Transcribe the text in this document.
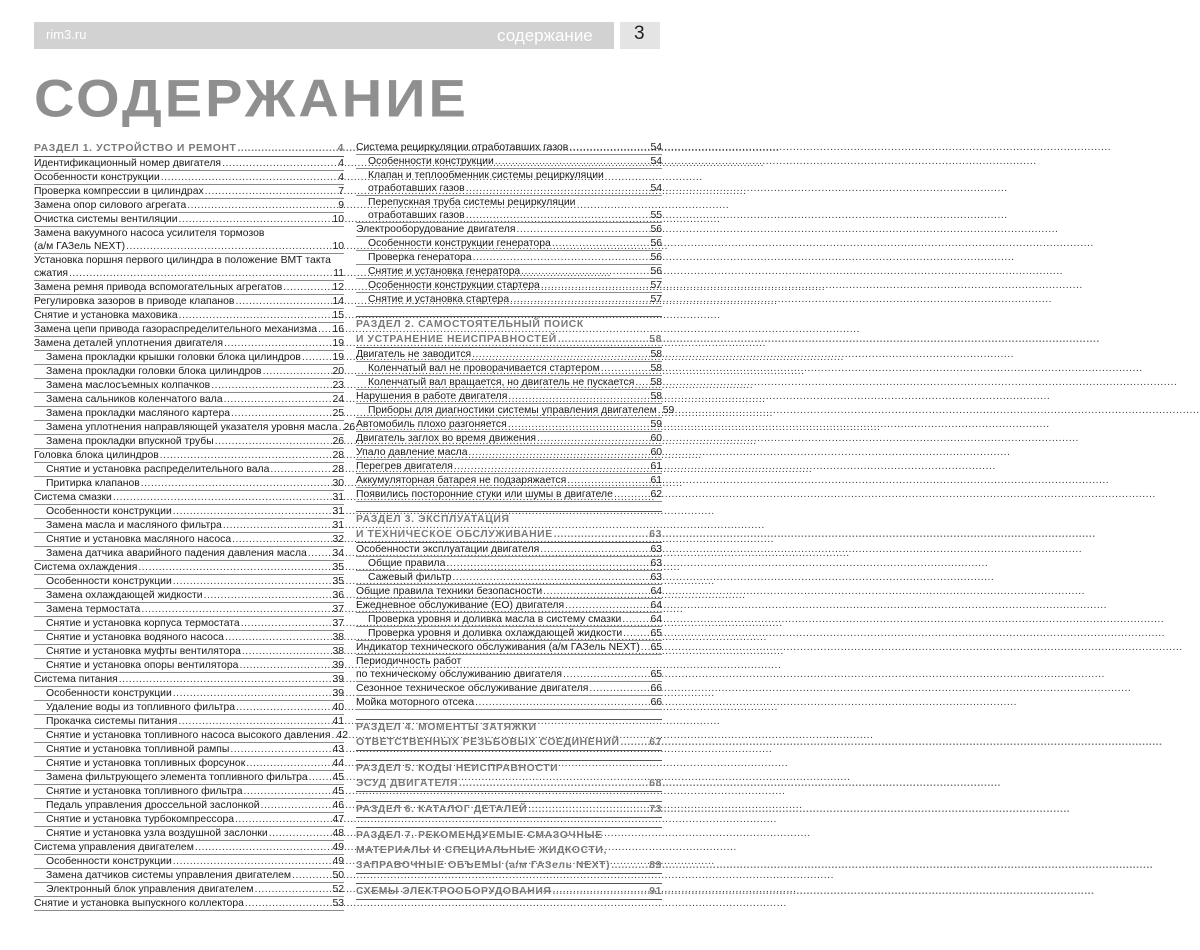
rim3.ru	содержание 3
СОДЕРЖАНИЕ
РАЗДЕЛ 1. УСТРОЙСТВО И РЕМОНТ .....	4
Идентификационный номер двигателя .....	4
Особенности конструкции .....	4
Проверка компрессии в цилиндрах .....	7
Замена опор силового агрегата .....	9
Очистка системы вентиляции .....	10
Замена вакуумного насоса усилителя тормозов
(а/м ГАЗель NEXT) .....	10
Установка поршня первого цилиндра в положение ВМТ такта
сжатия .....	11
Замена ремня привода вспомогательных агрегатов .....	12
Регулировка зазоров в приводе клапанов .....	14
Снятие и установка маховика .....	15
Замена цепи привода газораспределительного механизма ..... 16
Замена деталей уплотнения двигателя .....	19
Замена прокладки крышки головки блока цилиндров .....	19
Замена прокладки головки блока цилиндров .....	20
Замена маслосъемных колпачков .....	23
Замена сальников коленчатого вала .....	24
Замена прокладки масляного картера .....	25
Замена уплотнения направляющей указателя уровня масла ..... 26
Замена прокладки впускной трубы .....	26
Головка блока цилиндров .....	28
Снятие и установка распределительного вала .....	28
Притирка клапанов .....	30
Система смазки .....	31
Особенности конструкции .....	31
Замена масла и масляного фильтра .....	31
Снятие и установка масляного насоса .....	32
Замена датчика аварийного падения давления масла ..... 34
Система охлаждения .....	35
Особенности конструкции .....	35
Замена охлаждающей жидкости .....	36
Замена термостата .....	37
Снятие и установка корпуса термостата .....	37
Снятие и установка водяного насоса .....	38
Снятие и установка муфты вентилятора .....	38
Снятие и установка опоры вентилятора .....	39
Система питания .....	39
Особенности конструкции .....	39
Удаление воды из топливного фильтра .....	40
Прокачка системы питания .....	41
Снятие и установка топливного насоса высокого давления ..... 42
Снятие и установка топливной рампы .....	43
Снятие и установка топливных форсунок .....	44
Замена фильтрующего элемента топливного фильтра ..... 45
Снятие и установка топливного фильтра .....	45
Педаль управления дроссельной заслонкой .....	46
Снятие и установка турбокомпрессора .....	47
Снятие и установка узла воздушной заслонки .....	48
Система управления двигателем .....	49
Особенности конструкции .....	49
Замена датчиков системы управления двигателем .....	50
Электронный блок управления двигателем .....	52
Снятие и установка выпускного коллектора .....	53
Система рециркуляции отработавших газов .....	54
Особенности конструкции .....	54
Клапан и теплообменник системы рециркуляции
отработавших газов .....	54
Перепускная труба системы рециркуляции
отработавших газов .....	55
Электрооборудование двигателя .....	56
Особенности конструкции генератора .....	56
Проверка генератора .....	56
Снятие и установка генератора .....	56
Особенности конструкции стартера .....	57
Снятие и установка стартера .....	57
РАЗДЕЛ 2. САМОСТОЯТЕЛЬНЫЙ ПОИСК
И УСТРАНЕНИЕ НЕИСПРАВНОСТЕЙ .....	58
Двигатель не заводится .....	58
Коленчатый вал не проворачивается стартером .....	58
Коленчатый вал вращается, но двигатель не пускается ..... 58
Нарушения в работе двигателя .....	58
Приборы для диагностики системы управления двигателем ..... 59
Автомобиль плохо разгоняется .....	59
Двигатель заглох во время движения .....	60
Упало давление масла .....	60
Перегрев двигателя .....	61
Аккумуляторная батарея не подзаряжается .....	61
Появились посторонние стуки или шумы в двигателе .....	62
РАЗДЕЛ 3. ЭКСПЛУАТАЦИЯ
И ТЕХНИЧЕСКОЕ ОБСЛУЖИВАНИЕ .....	63
Особенности эксплуатации двигателя .....	63
Общие правила .....	63
Сажевый фильтр .....	63
Общие правила техники безопасности .....	64
Ежедневное обслуживание (ЕО) двигателя .....	64
Проверка уровня и доливка масла в систему смазки .....	64
Проверка уровня и доливка охлаждающей жидкости .....	65
Индикатор технического обслуживания (а/м ГАЗель NEXT) ..... 65
Периодичность работ
по техническому обслуживанию двигателя .....	65
Сезонное техническое обслуживание двигателя .....	66
Мойка моторного отсека .....	66
РАЗДЕЛ 4. МОМЕНТЫ ЗАТЯЖКИ
ОТВЕТСТВЕННЫХ РЕЗЬБОВЫХ СОЕДИНЕНИЙ .....	67
РАЗДЕЛ 5. КОДЫ НЕИСПРАВНОСТИ
ЭСУД ДВИГАТЕЛЯ .....	68
РАЗДЕЛ 6. КАТАЛОГ ДЕТАЛЕЙ .....	73
РАЗДЕЛ 7. РЕКОМЕНДУЕМЫЕ СМАЗОЧНЫЕ
МАТЕРИАЛЫ И СПЕЦИАЛЬНЫЕ ЖИДКОСТИ,
ЗАПРАВОЧНЫЕ ОБЪЕМЫ (а/м ГАЗель NEXT) .....	89
СХЕМЫ ЭЛЕКТРООБОРУДОВАНИЯ .....	91
